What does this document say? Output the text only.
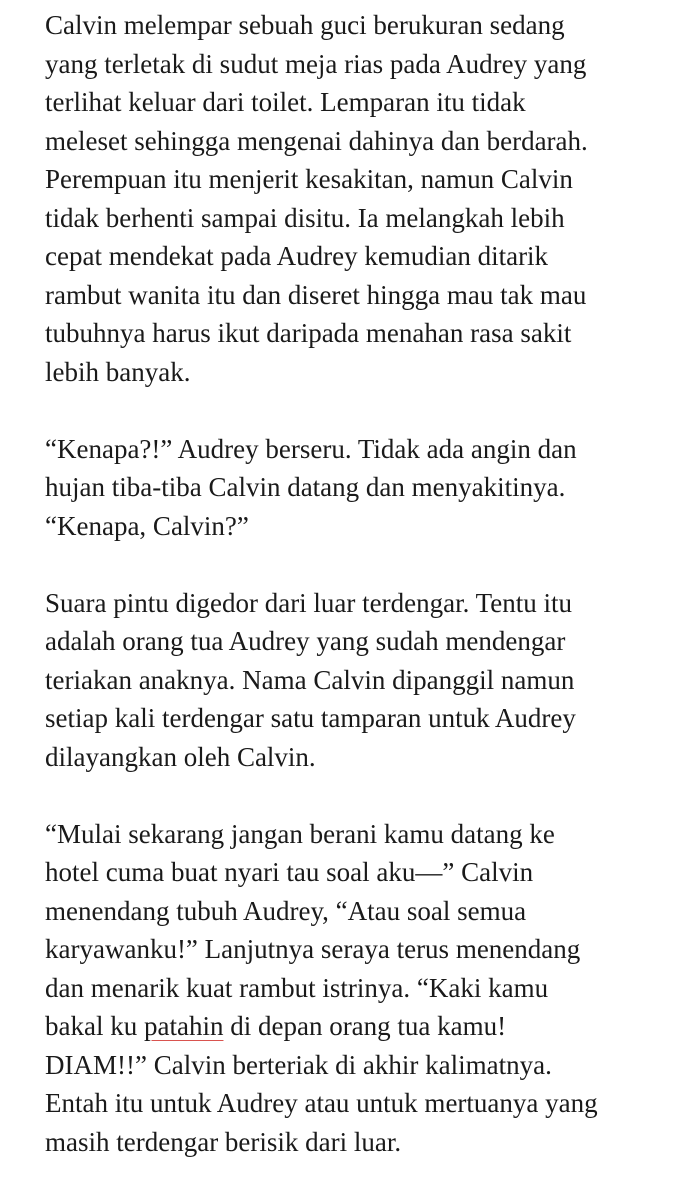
Calvin melempar sebuah guci berukuran sedang
yang terletak di sudut meja rias pada Audrey yang
terlihat keluar dari toilet. Lemparan itu tidak
meleset sehingga mengenai dahinya dan berdarah.
Perempuan itu menjerit kesakitan, namun Calvin
tidak berhenti sampai disitu. Ia melangkah lebih
cepat mendekat pada Audrey kemudian ditarik
rambut wanita itu dan diseret hingga mau tak mau
tubuhnya harus ikut daripada menahan rasa sakit
lebih banyak.

“Kenapa?!” Audrey berseru. Tidak ada angin dan
hujan tiba-tiba Calvin datang dan menyakitinya.
“Kenapa, Calvin?”

Suara pintu digedor dari luar terdengar. Tentu itu
adalah orang tua Audrey yang sudah mendengar
teriakan anaknya. Nama Calvin dipanggil namun
setiap kali terdengar satu tamparan untuk Audrey
dilayangkan oleh Calvin.

“Mulai sekarang jangan berani kamu datang ke
hotel cuma buat nyari tau soal aku—” Calvin
menendang tubuh Audrey, “Atau soal semua
karyawanku!” Lanjutnya seraya terus menendang
dan menarik kuat rambut istrinya. “Kaki kamu
bakal ku patahin di depan orang tua kamu!
DIAM!!” Calvin berteriak di akhir kalimatnya.
Entah itu untuk Audrey atau untuk mertuanya yang
masih terdengar berisik dari luar.
